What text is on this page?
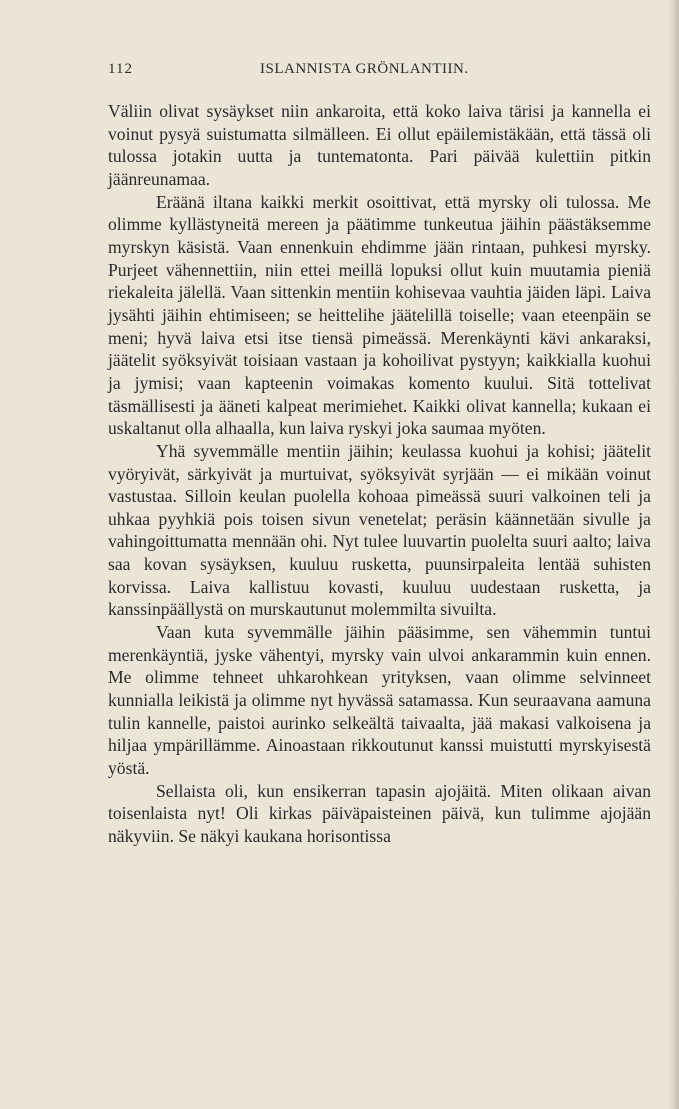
112	ISLANNISTA GRÖNLANTIIN.

Väliin olivat sysäykset niin ankaroita, että koko laiva tärisi ja kannella ei voinut pysyä suistumatta silmälleen. Ei ollut epäilemistäkään, että tässä oli tulossa jotakin uutta ja tuntematonta. Pari päivää kulettiin pitkin jäänreunamaa.

Eräänä iltana kaikki merkit osoittivat, että myrsky oli tulossa. Me olimme kyllästyneitä mereen ja päätimme tunkeutua jäihin päästäksemme myrskyn käsistä. Vaan ennenkuin ehdimme jään rintaan, puhkesi myrsky. Purjeet vähennettiin, niin ettei meillä lopuksi ollut kuin muutamia pieniä riekaleita jälellä. Vaan sittenkin mentiin kohisevaa vauhtia jäiden läpi. Laiva jysähti jäihin ehtimiseen; se heittelihe jäätelillä toiselle; vaan eteenpäin se meni; hyvä laiva etsi itse tiensä pimeässä. Merenkäynti kävi ankaraksi, jäätelit syöksyivät toisiaan vastaan ja kohoilivat pystyyn; kaikkialla kuohui ja jymisi; vaan kapteenin voimakas komento kuului. Sitä tottelivat täsmällisesti ja ääneti kalpeat merimiehet. Kaikki olivat kannella; kukaan ei uskaltanut olla alhaalla, kun laiva ryskyi joka saumaa myöten.

Yhä syvemmälle mentiin jäihin; keulassa kuohui ja kohisi; jäätelit vyöryivät, särkyivät ja murtuivat, syöksyivät syrjään — ei mikään voinut vastustaa. Silloin keulan puolella kohoaa pimeässä suuri valkoinen teli ja uhkaa pyyhkiä pois toisen sivun venetelat; peräsin käännetään sivulle ja vahingoittumatta mennään ohi. Nyt tulee luuvartin puolelta suuri aalto; laiva saa kovan sysäyksen, kuuluu rusketta, puunsirpaleita lentää suhisten korvissa. Laiva kallistuu kovasti, kuuluu uudestaan rusketta, ja kanssinpäällystä on murskautunut molemmilta sivuilta.

Vaan kuta syvemmälle jäihin pääsimme, sen vähemmin tuntui merenkäyntiä, jyske vähentyi, myrsky vain ulvoi ankarammin kuin ennen. Me olimme tehneet uhkarohkean yrityksen, vaan olimme selvinneet kunnialla leikistä ja olimme nyt hyvässä satamassa. Kun seuraavana aamuna tulin kannelle, paistoi aurinko selkeältä taivaalta, jää makasi valkoisena ja hiljaa ympärillämme. Ainoastaan rikkoutunut kanssi muistutti myrskyisestä yöstä.

Sellaista oli, kun ensikerran tapasin ajojäitä. Miten olikaan aivan toisenlaista nyt! Oli kirkas päiväpaisteinen päivä, kun tulimme ajojään näkyviin. Se näkyi kaukana horisontissa
